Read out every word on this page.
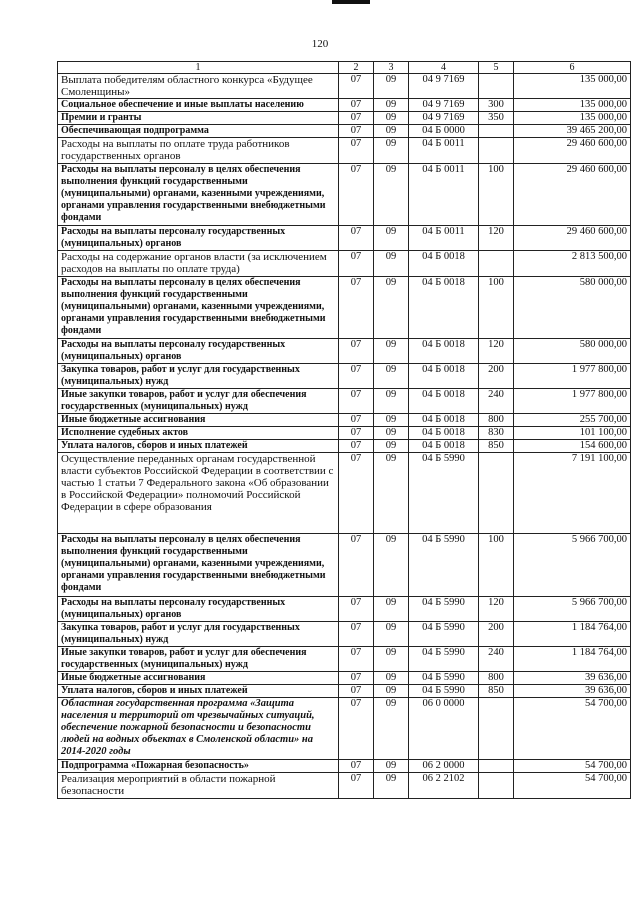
120
1	2	3	4	5	6
Выплата победителям областного конкурса «Будущее Смоленщины»	07	09	04 9 7169		135 000,00
Социальное обеспечение и иные выплаты населению	07	09	04 9 7169	300	135 000,00
Премии и гранты	07	09	04 9 7169	350	135 000,00
Обеспечивающая подпрограмма	07	09	04 Б 0000		39 465 200,00
Расходы на выплаты по оплате труда работников государственных органов	07	09	04 Б 0011		29 460 600,00
Расходы на выплаты персоналу в целях обеспечения выполнения функций государственными (муниципальными) органами, казенными учреждениями, органами управления государственными внебюджетными фондами	07	09	04 Б 0011	100	29 460 600,00
Расходы на выплаты персоналу государственных (муниципальных) органов	07	09	04 Б 0011	120	29 460 600,00
Расходы на содержание органов власти (за исключением расходов на выплаты по оплате труда)	07	09	04 Б 0018		2 813 500,00
Расходы на выплаты персоналу в целях обеспечения выполнения функций государственными (муниципальными) органами, казенными учреждениями, органами управления государственными внебюджетными фондами	07	09	04 Б 0018	100	580 000,00
Расходы на выплаты персоналу государственных (муниципальных) органов	07	09	04 Б 0018	120	580 000,00
Закупка товаров, работ и услуг для государственных (муниципальных) нужд	07	09	04 Б 0018	200	1 977 800,00
Иные закупки товаров, работ и услуг для обеспечения государственных (муниципальных) нужд	07	09	04 Б 0018	240	1 977 800,00
Иные бюджетные ассигнования	07	09	04 Б 0018	800	255 700,00
Исполнение судебных актов	07	09	04 Б 0018	830	101 100,00
Уплата налогов, сборов и иных платежей	07	09	04 Б 0018	850	154 600,00
Осуществление переданных органам государственной власти субъектов Российской Федерации в соответствии с частью 1 статьи 7 Федерального закона «Об образовании в Российской Федерации» полномочий Российской Федерации в сфере образования	07	09	04 Б 5990		7 191 100,00
Расходы на выплаты персоналу в целях обеспечения выполнения функций государственными (муниципальными) органами, казенными учреждениями, органами управления государственными внебюджетными фондами	07	09	04 Б 5990	100	5 966 700,00
Расходы на выплаты персоналу государственных (муниципальных) органов	07	09	04 Б 5990	120	5 966 700,00
Закупка товаров, работ и услуг для государственных (муниципальных) нужд	07	09	04 Б 5990	200	1 184 764,00
Иные закупки товаров, работ и услуг для обеспечения государственных (муниципальных) нужд	07	09	04 Б 5990	240	1 184 764,00
Иные бюджетные ассигнования	07	09	04 Б 5990	800	39 636,00
Уплата налогов, сборов и иных платежей	07	09	04 Б 5990	850	39 636,00
Областная государственная программа «Защита населения и территорий от чрезвычайных ситуаций, обеспечение пожарной безопасности и безопасности людей на водных объектах в Смоленской области» на 2014-2020 годы	07	09	06 0 0000		54 700,00
Подпрограмма «Пожарная безопасность»	07	09	06 2 0000		54 700,00
Реализация мероприятий в области пожарной безопасности	07	09	06 2 2102		54 700,00
